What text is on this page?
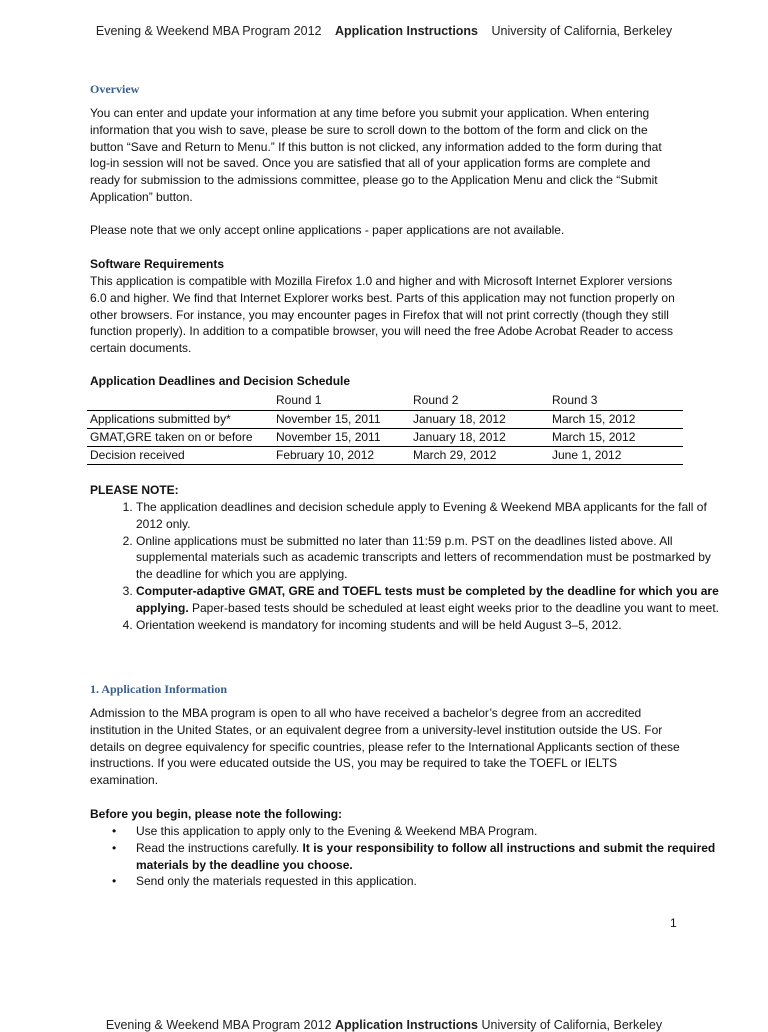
Evening & Weekend MBA Program 2012 Application Instructions University of California, Berkeley
Overview

You can enter and update your information at any time before you submit your application. When entering information that you wish to save, please be sure to scroll down to the bottom of the form and click on the button “Save and Return to Menu.” If this button is not clicked, any information added to the form during that log-in session will not be saved. Once you are satisfied that all of your application forms are complete and ready for submission to the admissions committee, please go to the Application Menu and click the “Submit Application” button.

Please note that we only accept online applications - paper applications are not available.

Software Requirements

This application is compatible with Mozilla Firefox 1.0 and higher and with Microsoft Internet Explorer versions 6.0 and higher. We find that Internet Explorer works best. Parts of this application may not function properly on other browsers. For instance, you may encounter pages in Firefox that will not print correctly (though they still function properly). In addition to a compatible browser, you will need the free Adobe Acrobat Reader to access certain documents.

Application Deadlines and Decision Schedule

	Round 1	Round 2	Round 3
Applications submitted by*	November 15, 2011	January 18, 2012	March 15, 2012
GMAT,GRE taken on or before	November 15, 2011	January 18, 2012	March 15, 2012
Decision received	February 10, 2012	March 29, 2012	June 1, 2012

PLEASE NOTE:

1. The application deadlines and decision schedule apply to Evening & Weekend MBA applicants for the fall of 2012 only.
2. Online applications must be submitted no later than 11:59 p.m. PST on the deadlines listed above. All supplemental materials such as academic transcripts and letters of recommendation must be postmarked by the deadline for which you are applying.
3. Computer-adaptive GMAT, GRE and TOEFL tests must be completed by the deadline for which you are applying. Paper-based tests should be scheduled at least eight weeks prior to the deadline you want to meet.
4. Orientation weekend is mandatory for incoming students and will be held August 3–5, 2012.
1. Application Information

Admission to the MBA program is open to all who have received a bachelor’s degree from an accredited institution in the United States, or an equivalent degree from a university-level institution outside the US. For details on degree equivalency for specific countries, please refer to the International Applicants section of these instructions. If you were educated outside the US, you may be required to take the TOEFL or IELTS examination.

Before you begin, please note the following:

• Use this application to apply only to the Evening & Weekend MBA Program.
• Read the instructions carefully. It is your responsibility to follow all instructions and submit the required materials by the deadline you choose.
• Send only the materials requested in this application.
1
Evening & Weekend MBA Program 2012 Application Instructions University of California, Berkeley
